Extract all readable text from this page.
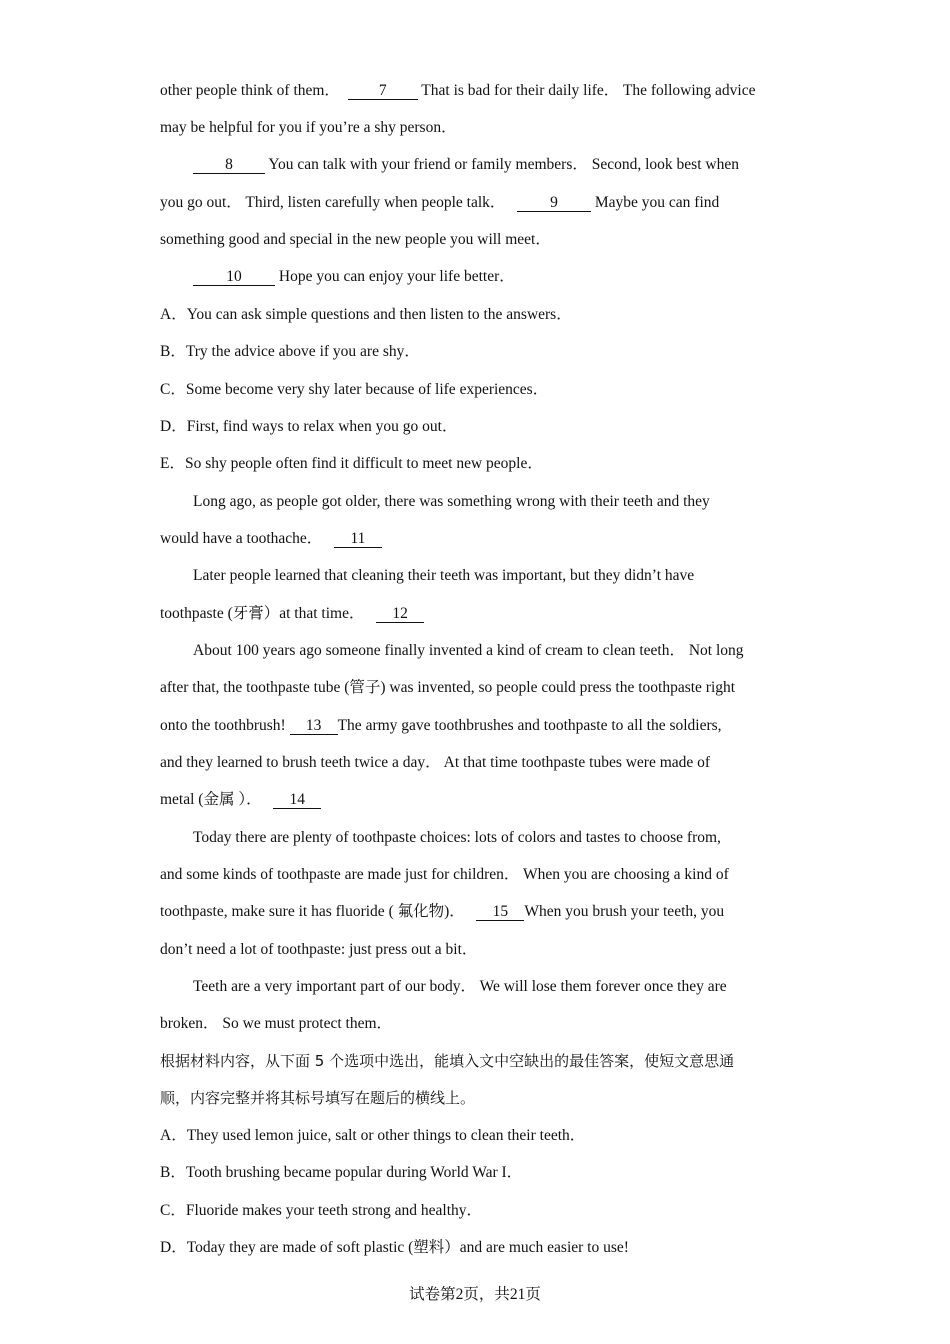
other people think of them．	7 That is bad for their daily life． The following advice
may be helpful for you if you’re a shy person．
8 You can talk with your friend or family members． Second, look best when
you go out． Third, listen carefully when people talk．	9 Maybe you can find
something good and special in the new people you will meet．
10 Hope you can enjoy your life better．
A．You can ask simple questions and then listen to the answers．
B．Try the advice above if you are shy．
C．Some become very shy later because of life experiences．
D．First, find ways to relax when you go out．
E．So shy people often find it difficult to meet new people．
Long ago, as people got older, there was something wrong with their teeth and they
would have a toothache． 11
Later people learned that cleaning their teeth was important, but they didn’t have
toothpaste (牙膏）at that time． 12
About 100 years ago someone finally invented a kind of cream to clean teeth． Not long
after that, the toothpaste tube (管子) was invented, so people could press the toothpaste right
onto the toothbrush! 13 The army gave toothbrushes and toothpaste to all the soldiers,
and they learned to brush teeth twice a day． At that time toothpaste tubes were made of
metal (金属 ）． 14
Today there are plenty of toothpaste choices: lots of colors and tastes to choose from,
and some kinds of toothpaste are made just for children． When you are choosing a kind of
toothpaste, make sure it has fluoride ( 氟化物)． 15 When you brush your teeth, you
don’t need a lot of toothpaste: just press out a bit．
Teeth are a very important part of our body． We will lose them forever once they are
broken． So we must protect them．
根据材料内容，从下面 5 个选项中选出，能填入文中空缺出的最佳答案，使短文意思通
顺，内容完整并将其标号填写在题后的横线上。
A．They used lemon juice, salt or other things to clean their teeth．
B．Tooth brushing became popular during World War I．
C．Fluoride makes your teeth strong and healthy．
D．Today they are made of soft plastic (塑料）and are much easier to use!
试卷第2页，共21页
